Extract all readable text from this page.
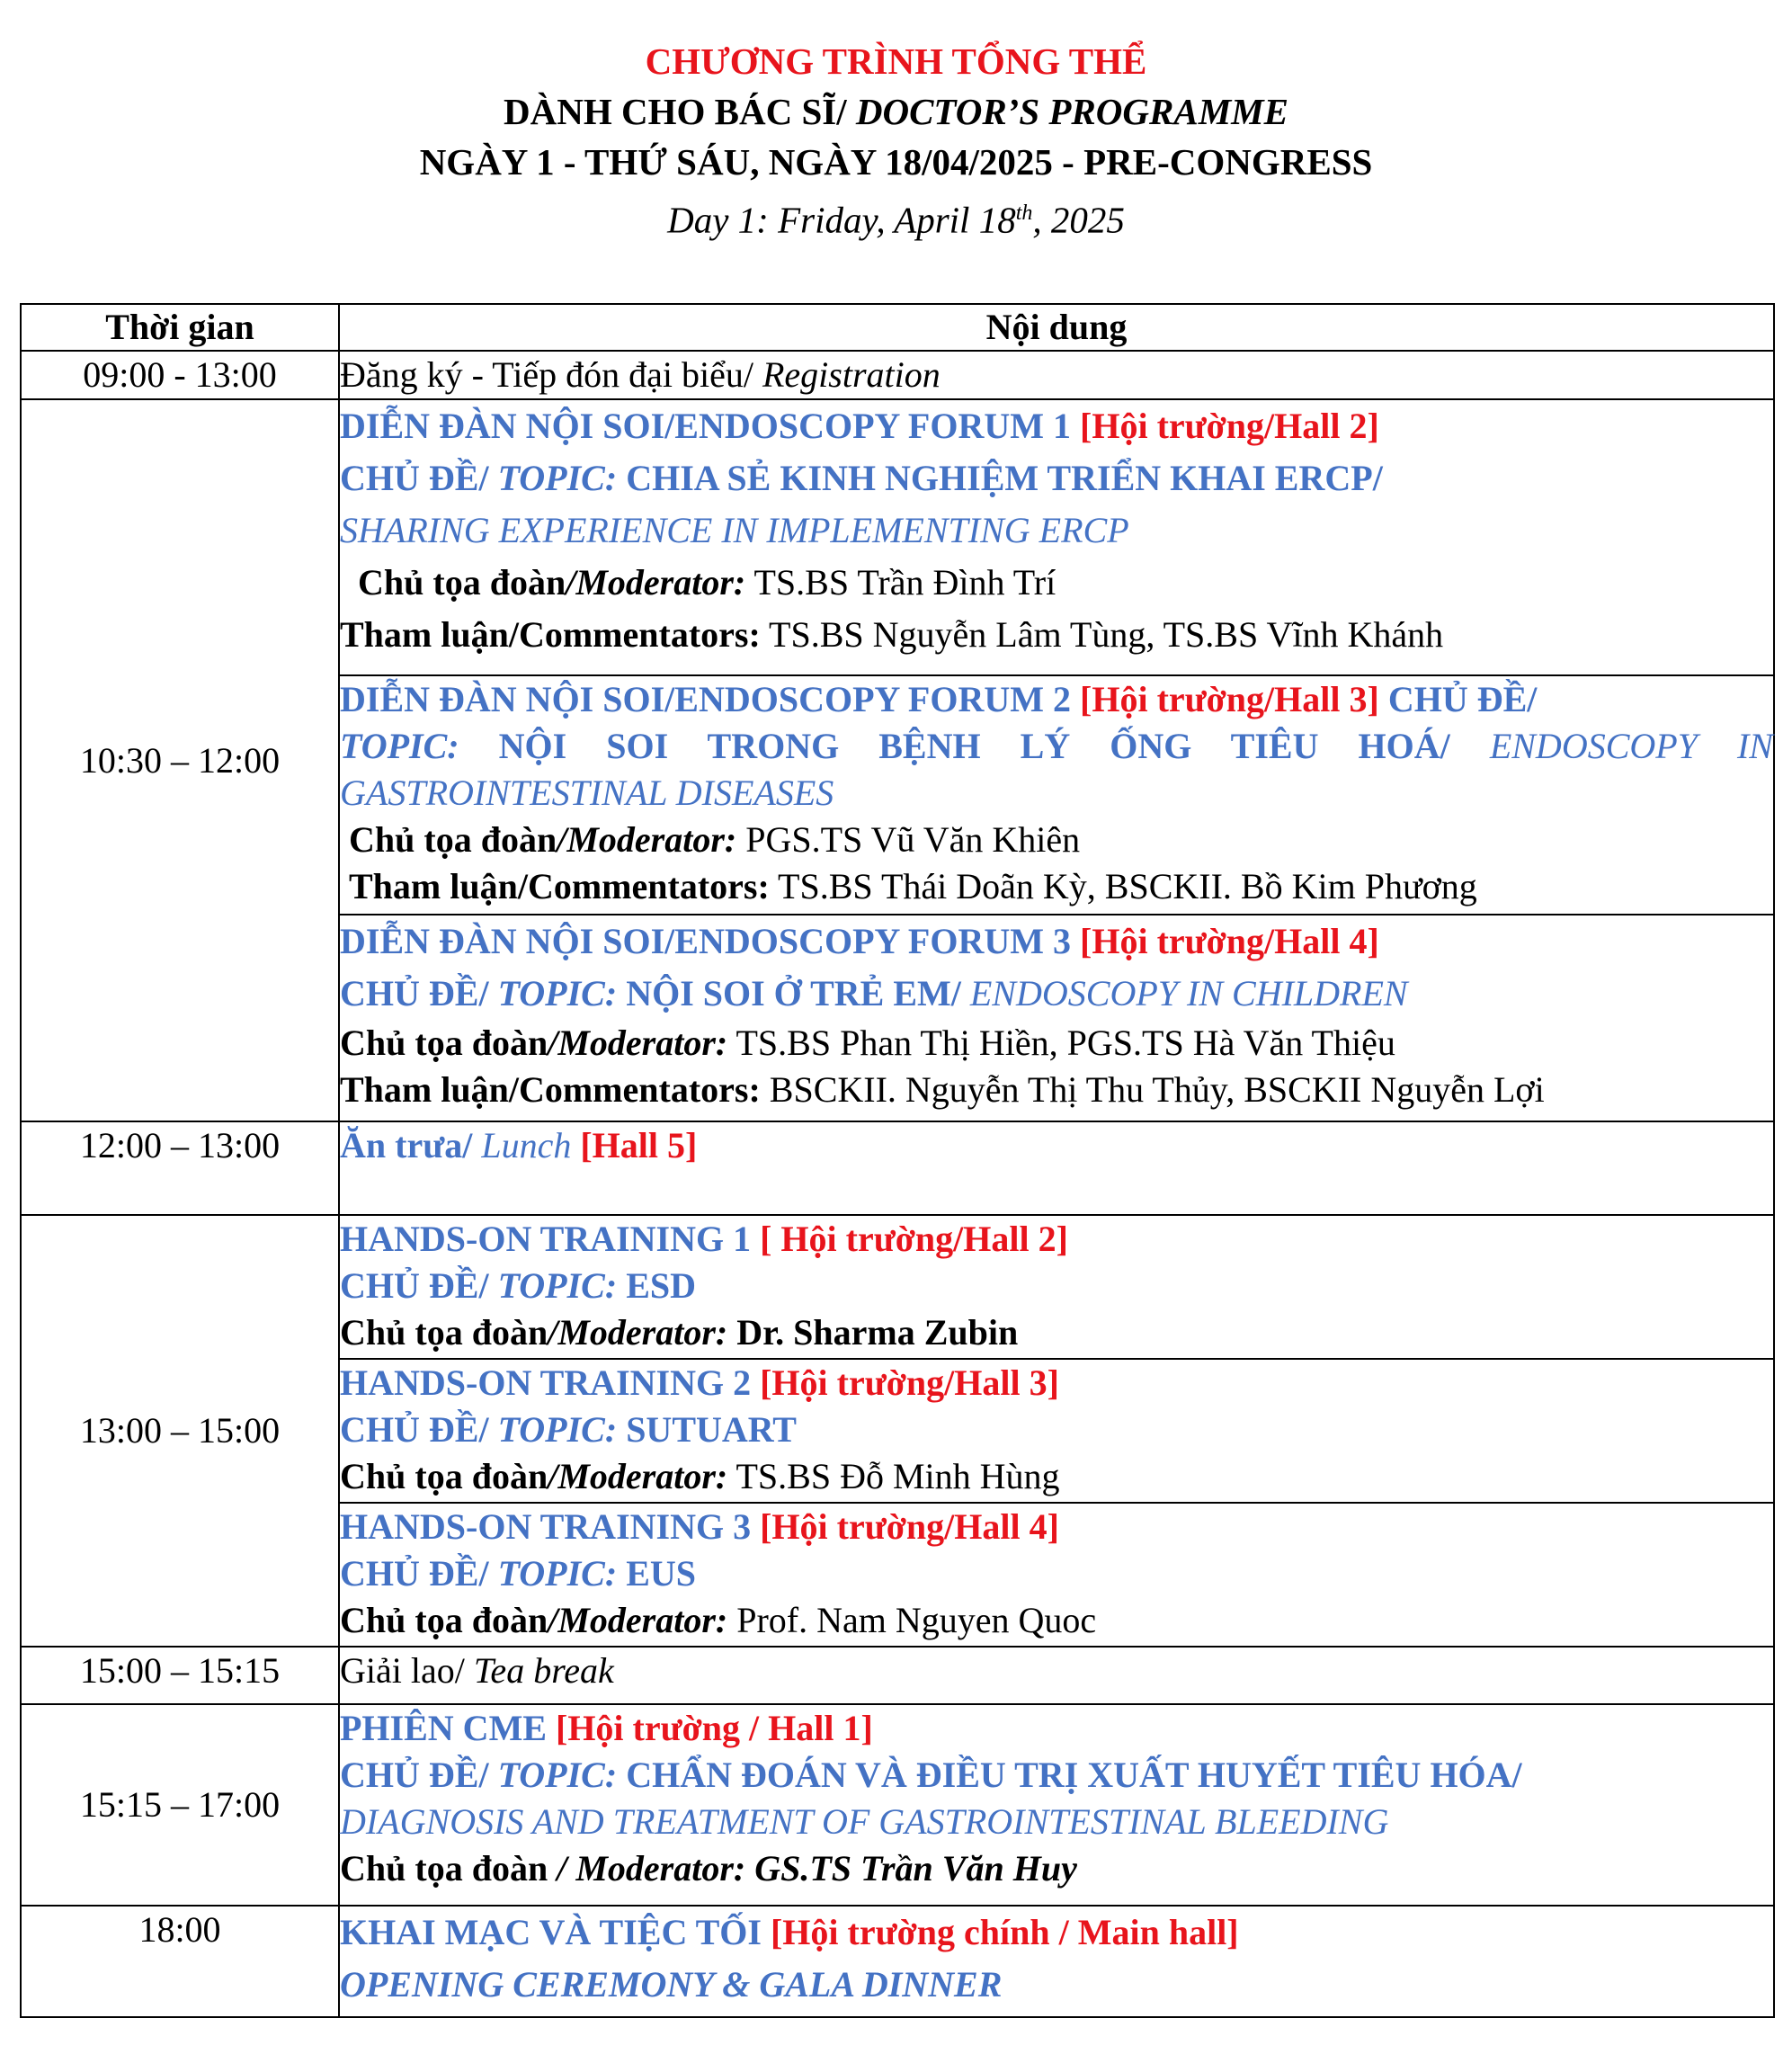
CHƯƠNG TRÌNH TỔNG THỂ
DÀNH CHO BÁC SĨ/ DOCTOR’S PROGRAMME
NGÀY 1 - THỨ SÁU, NGÀY 18/04/2025 - PRE-CONGRESS
Day 1: Friday, April 18th, 2025
Thời gian	Nội dung
09:00 - 13:00	Đăng ký - Tiếp đón đại biểu/ Registration

10:30 – 12:00	DIỄN ĐÀN NỘI SOI/ENDOSCOPY FORUM 1 [Hội trường/Hall 2]
CHỦ ĐỀ/ TOPIC: CHIA SẺ KINH NGHIỆM TRIỂN KHAI ERCP/
SHARING EXPERIENCE IN IMPLEMENTING ERCP
Chủ tọa đoàn/Moderator: TS.BS Trần Đình Trí
Tham luận/Commentators: TS.BS Nguyễn Lâm Tùng, TS.BS Vĩnh Khánh

	DIỄN ĐÀN NỘI SOI/ENDOSCOPY FORUM 2 [Hội trường/Hall 3] CHỦ ĐỀ/
TOPIC: NỘI SOI TRONG BỆNH LÝ ỐNG TIÊU HOÁ/ ENDOSCOPY IN
GASTROINTESTINAL DISEASES
Chủ tọa đoàn/Moderator: PGS.TS Vũ Văn Khiên
Tham luận/Commentators: TS.BS Thái Doãn Kỳ, BSCKII. Bồ Kim Phương

	DIỄN ĐÀN NỘI SOI/ENDOSCOPY FORUM 3 [Hội trường/Hall 4]
CHỦ ĐỀ/ TOPIC: NỘI SOI Ở TRẺ EM/ ENDOSCOPY IN CHILDREN
Chủ tọa đoàn/Moderator: TS.BS Phan Thị Hiền, PGS.TS Hà Văn Thiệu
Tham luận/Commentators: BSCKII. Nguyễn Thị Thu Thủy, BSCKII Nguyễn Lợi

12:00 – 13:00	Ăn trưa/ Lunch [Hall 5]

13:00 – 15:00	HANDS-ON TRAINING 1 [ Hội trường/Hall 2]
CHỦ ĐỀ/ TOPIC: ESD
Chủ tọa đoàn/Moderator: Dr. Sharma Zubin

	HANDS-ON TRAINING 2 [Hội trường/Hall 3]
CHỦ ĐỀ/ TOPIC: SUTUART
Chủ tọa đoàn/Moderator: TS.BS Đỗ Minh Hùng

	HANDS-ON TRAINING 3 [Hội trường/Hall 4]
CHỦ ĐỀ/ TOPIC: EUS
Chủ tọa đoàn/Moderator: Prof. Nam Nguyen Quoc

15:00 – 15:15	Giải lao/ Tea break

15:15 – 17:00	PHIÊN CME [Hội trường / Hall 1]
CHỦ ĐỀ/ TOPIC: CHẨN ĐOÁN VÀ ĐIỀU TRỊ XUẤT HUYẾT TIÊU HÓA/
DIAGNOSIS AND TREATMENT OF GASTROINTESTINAL BLEEDING
Chủ tọa đoàn / Moderator: GS.TS Trần Văn Huy

18:00	KHAI MẠC VÀ TIỆC TỐI [Hội trường chính / Main hall]
OPENING CEREMONY & GALA DINNER
